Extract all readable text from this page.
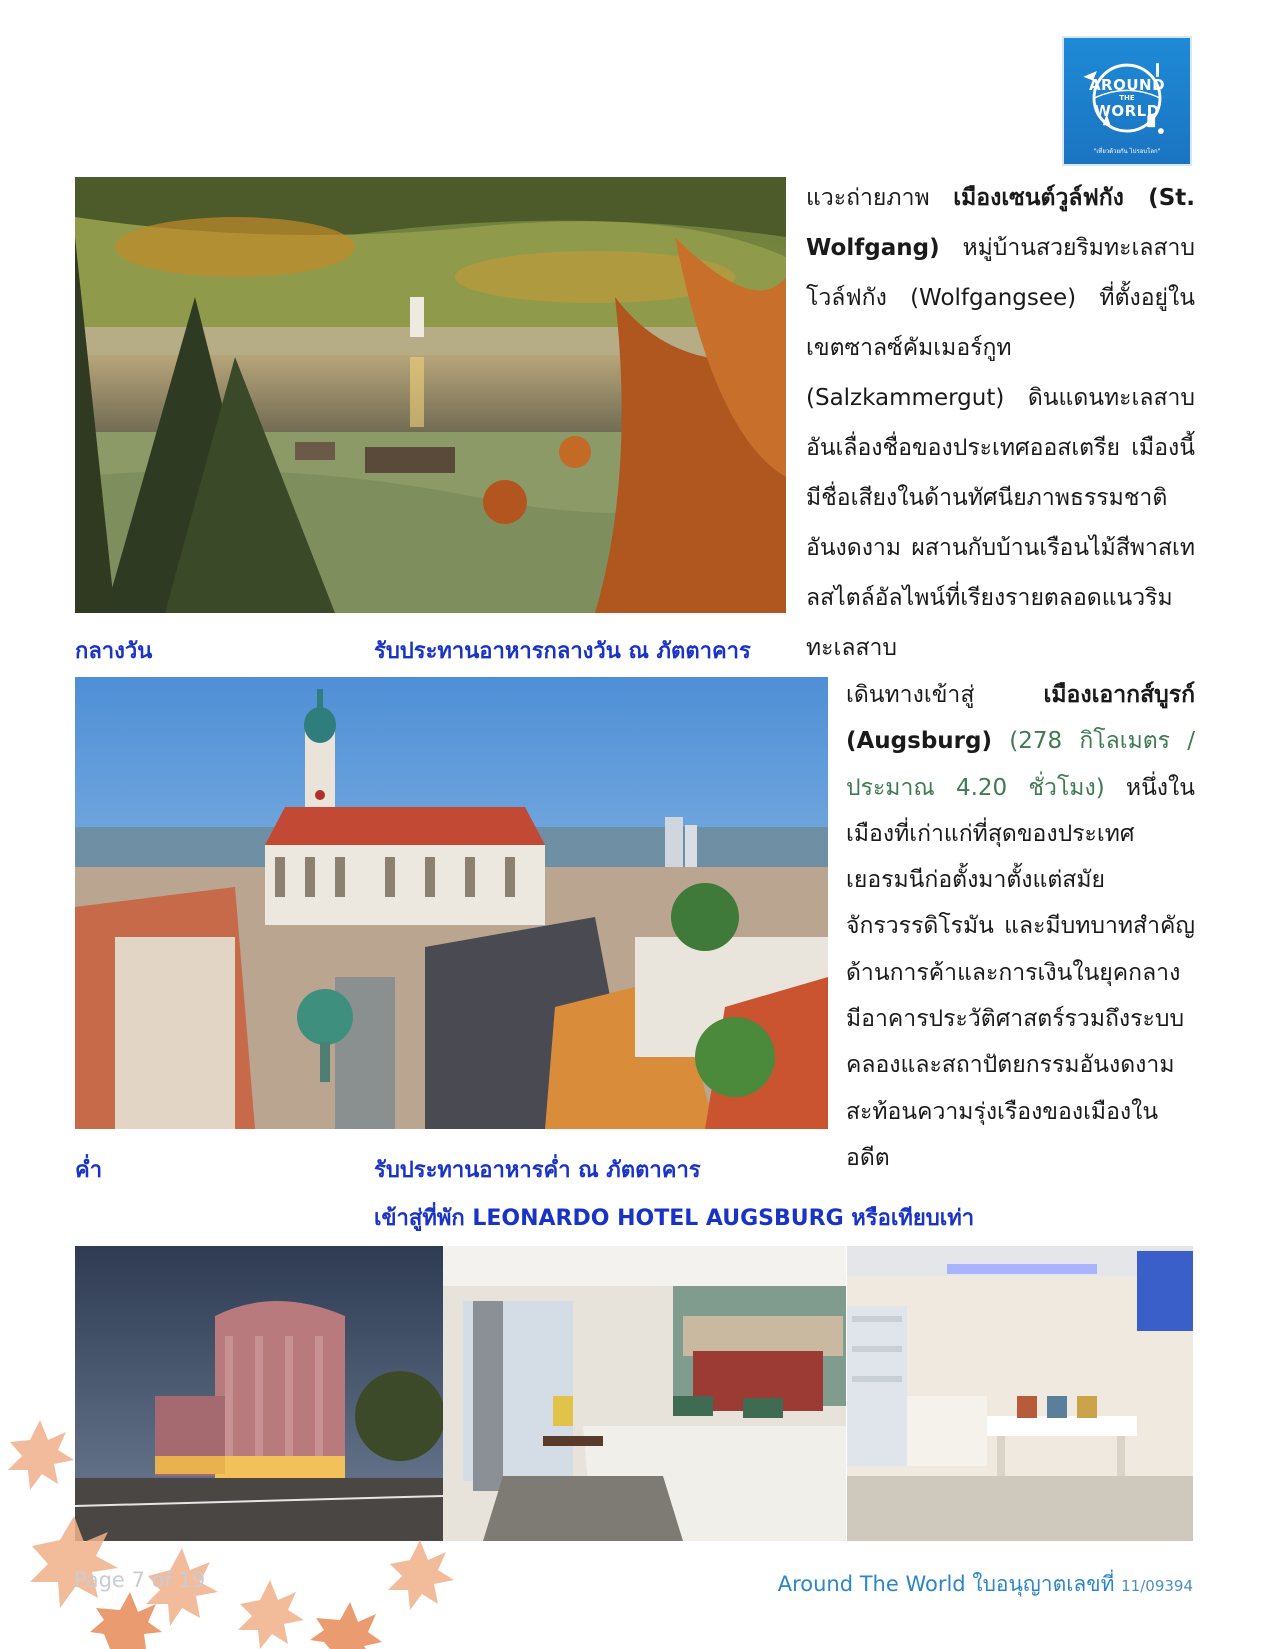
AROUND
THE
WORLD
"เที่ยวด้วยกัน ไปรอบโลก"
แวะถ่ายภาพ เมืองเซนต์วูล์ฟกัง (St. Wolfgang) หมู่บ้านสวยริมทะเลสาบโวล์ฟกัง (Wolfgangsee) ที่ตั้งอยู่ในเขตซาลซ์คัมเมอร์กูท (Salzkammergut) ดินแดนทะเลสาบอันเลื่องชื่อของประเทศออสเตรีย เมืองนี้มีชื่อเสียงในด้านทัศนียภาพธรรมชาติอันงดงาม ผสานกับบ้านเรือนไม้สีพาสเทลสไตล์อัลไพน์ที่เรียงรายตลอดแนวริมทะเลสาบ
กลางวัน	รับประทานอาหารกลางวัน ณ ภัตตาคาร
เดินทางเข้าสู่ เมืองเอากส์บูรก์ (Augsburg) (278 กิโลเมตร / ประมาณ 4.20 ชั่วโมง) หนึ่งในเมืองที่เก่าแก่ที่สุดของประเทศเยอรมนีก่อตั้งมาตั้งแต่สมัยจักรวรรดิโรมัน และมีบทบาทสำคัญด้านการค้าและการเงินในยุคกลาง มีอาคารประวัติศาสตร์รวมถึงระบบคลองและสถาปัตยกรรมอันงดงามสะท้อนความรุ่งเรืองของเมืองในอดีต
ค่ำ	รับประทานอาหารค่ำ ณ ภัตตาคาร
เข้าสู่ที่พัก LEONARDO HOTEL AUGSBURG หรือเทียบเท่า
Page 7 of 19	Around The World ใบอนุญาตเลขที่ 11/09394
